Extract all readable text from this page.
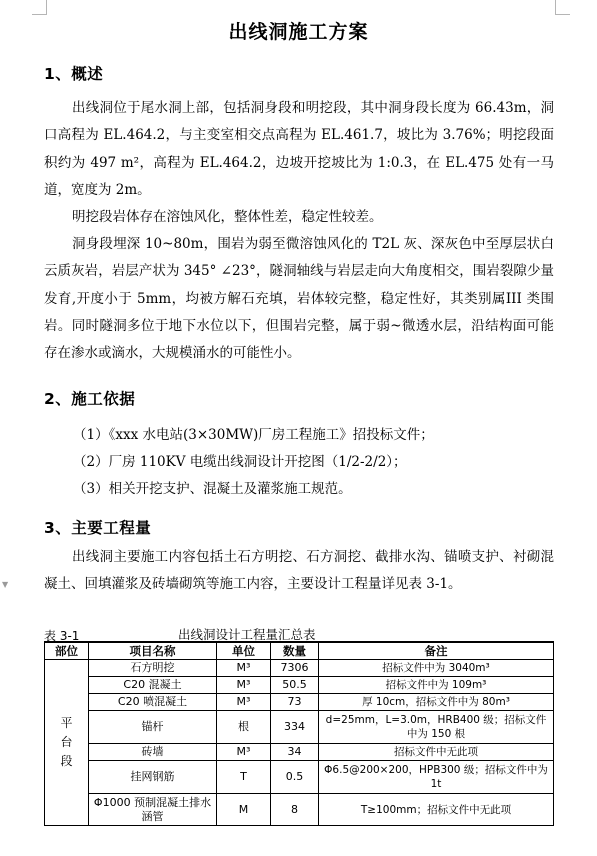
▼
出线洞施工方案
1、概述

出线洞位于尾水洞上部，包括洞身段和明挖段，其中洞身段长度为 66.43m，洞口高程为 EL.464.2，与主变室相交点高程为 EL.461.7，坡比为 3.76%；明挖段面积约为 497 m²，高程为 EL.464.2，边坡开挖坡比为 1:0.3，在 EL.475 处有一马道，宽度为 2m。

明挖段岩体存在溶蚀风化，整体性差，稳定性较差。

洞身段埋深 10~80m，围岩为弱至微溶蚀风化的 T2L 灰、深灰色中至厚层状白云质灰岩，岩层产状为 345° ∠23°，隧洞轴线与岩层走向大角度相交，围岩裂隙少量发育,开度小于 5mm，均被方解石充填，岩体较完整，稳定性好，其类别属III 类围岩。同时隧洞多位于地下水位以下，但围岩完整，属于弱~微透水层，沿结构面可能存在渗水或滴水，大规模涌水的可能性小。

2、施工依据
（1）《xxx 水电站(3×30MW)厂房工程施工》招投标文件；
（2）厂房 110KV 电缆出线洞设计开挖图（1/2-2/2）；
（3）相关开挖支护、混凝土及灌浆施工规范。
3、主要工程量

出线洞主要施工内容包括土石方明挖、石方洞挖、截排水沟、锚喷支护、衬砌混凝土、回填灌浆及砖墙砌筑等施工内容，主要设计工程量详见表 3-1。

表 3-1	出线洞设计工程量汇总表
部位	项目名称	单位	数量	备注
平
台
段	石方明挖	M³	7306	招标文件中为 3040m³
	C20 混凝土	M³	50.5	招标文件中为 109m³
	C20 喷混凝土	M³	73	厚 10cm，招标文件中为 80m³
	锚杆	根	334	d=25mm，L=3.0m，HRB400 级；招标文件中为 150 根
	砖墙	M³	34	招标文件中无此项
	挂网钢筋	T	0.5	Φ6.5@200×200，HPB300 级；招标文件中为 1t
	Φ1000 预制混凝土排水涵管	M	8	T≥100mm；招标文件中无此项
